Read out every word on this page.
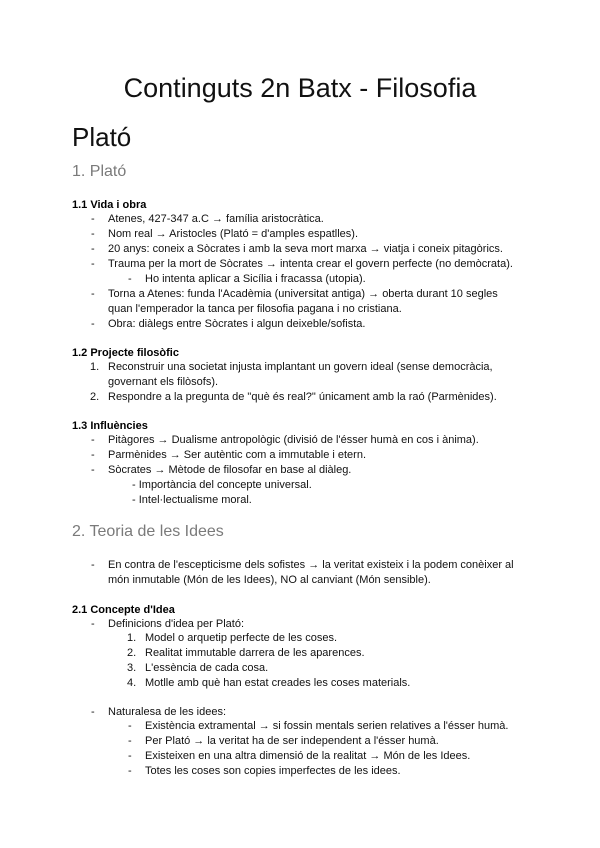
Continguts 2n Batx - Filosofia
Plató
1. Plató
1.1 Vida i obra
- Atenes, 427-347 a.C → família aristocràtica.
- Nom real → Aristocles (Plató = d'amples espatlles).
- 20 anys: coneix a Sòcrates i amb la seva mort marxa → viatja i coneix pitagòrics.
- Trauma per la mort de Sòcrates → intenta crear el govern perfecte (no demòcrata).
- Ho intenta aplicar a Sicília i fracassa (utopia).
- Torna a Atenes: funda l'Acadèmia (universitat antiga) → oberta durant 10 segles
quan l'emperador la tanca per filosofia pagana i no cristiana.
- Obra: diàlegs entre Sòcrates i algun deixeble/sofista.
1.2 Projecte filosòfic
1. Reconstruir una societat injusta implantant un govern ideal (sense democràcia,
governant els filòsofs).
2. Respondre a la pregunta de "què és real?" únicament amb la raó (Parmènides).
1.3 Influències
- Pitàgores → Dualisme antropològic (divisió de l'ésser humà en cos i ànima).
- Parmènides → Ser autèntic com a immutable i etern.
- Sòcrates → Mètode de filosofar en base al diàleg.
- Importància del concepte universal.
- Intel·lectualisme moral.
2. Teoria de les Idees
- En contra de l'escepticisme dels sofistes → la veritat existeix i la podem conèixer al
món inmutable (Món de les Idees), NO al canviant (Món sensible).
2.1 Concepte d'Idea
- Definicions d'idea per Plató:
1. Model o arquetip perfecte de les coses.
2. Realitat immutable darrera de les aparences.
3. L'essència de cada cosa.
4. Motlle amb què han estat creades les coses materials.
- Naturalesa de les idees:
- Existència extramental → si fossin mentals serien relatives a l'ésser humà.
- Per Plató → la veritat ha de ser independent a l'ésser humà.
- Existeixen en una altra dimensió de la realitat → Món de les Idees.
- Totes les coses son copies imperfectes de les idees.
